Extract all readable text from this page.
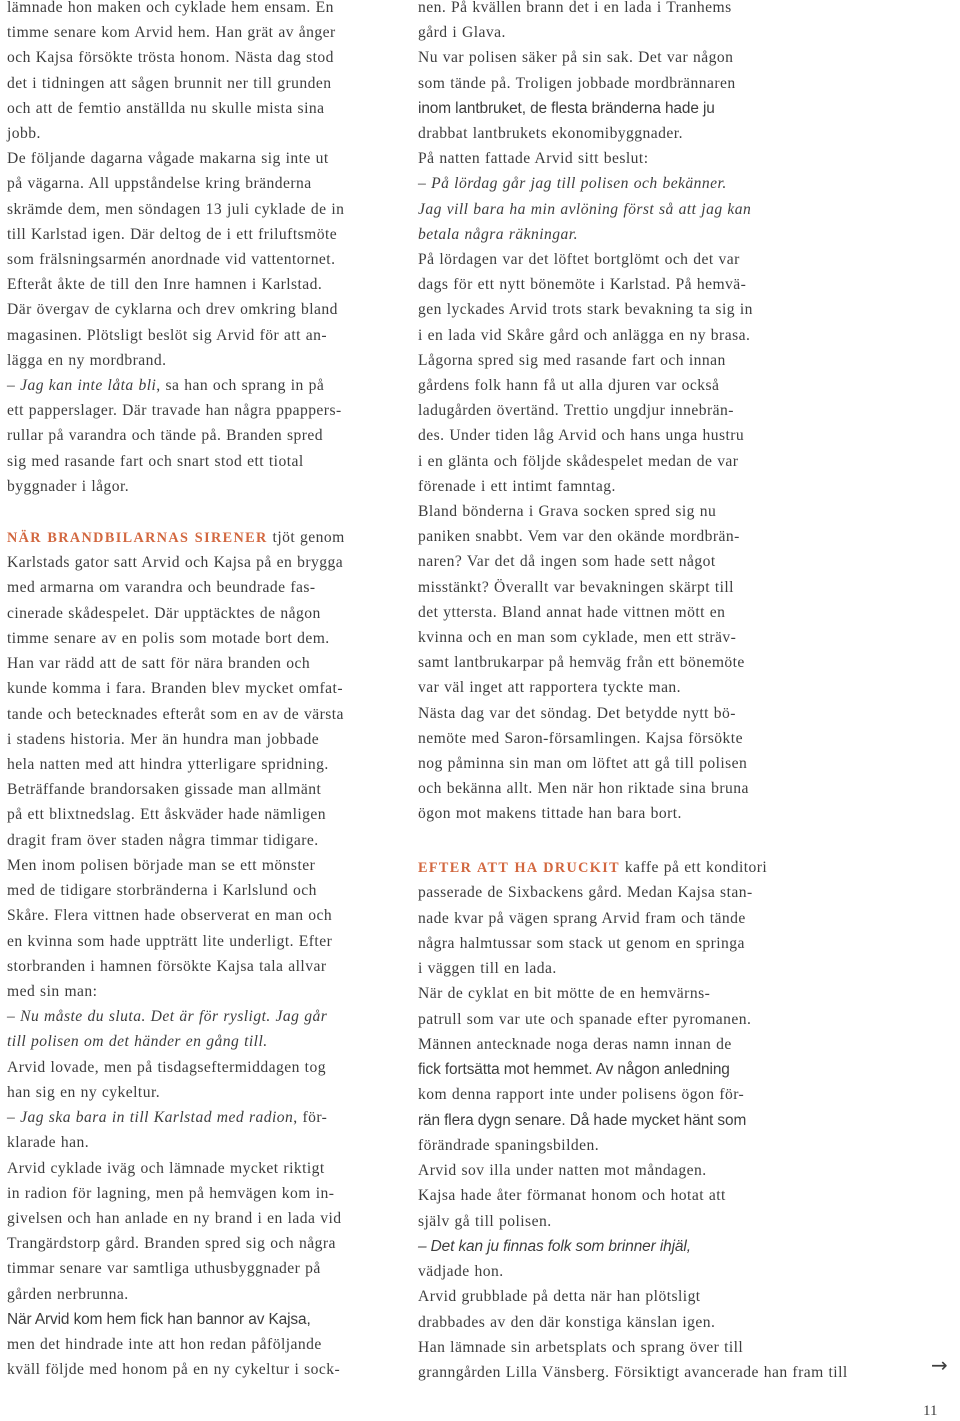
lämnade hon maken och cyklade hem ensam. En
timme senare kom Arvid hem. Han grät av ånger
och Kajsa försökte trösta honom. Nästa dag stod
det i tidningen att sågen brunnit ner till grunden
och att de femtio anställda nu skulle mista sina
jobb.
De följande dagarna vågade makarna sig inte ut
på vägarna. All uppståndelse kring bränderna
skrämde dem, men söndagen 13 juli cyklade de in
till Karlstad igen. Där deltog de i ett friluftsmöte
som frälsningsarmén anordnade vid vattentornet.
Efteråt åkte de till den Inre hamnen i Karlstad.
Där övergav de cyklarna och drev omkring bland
magasinen. Plötsligt beslöt sig Arvid för att an-
lägga en ny mordbrand.
– Jag kan inte låta bli, sa han och sprang in på
ett papperslager. Där travade han några ppappers-
rullar på varandra och tände på. Branden spred
sig med rasande fart och snart stod ett tiotal
byggnader i lågor.
NÄR BRANDBILARNAS SIRENER tjöt genom
Karlstads gator satt Arvid och Kajsa på en brygga
med armarna om varandra och beundrade fas-
cinerade skådespelet. Där upptäcktes de någon
timme senare av en polis som motade bort dem.
Han var rädd att de satt för nära branden och
kunde komma i fara. Branden blev mycket omfat-
tande och betecknades efteråt som en av de värsta
i stadens historia. Mer än hundra man jobbade
hela natten med att hindra ytterligare spridning.
Beträffande brandorsaken gissade man allmänt
på ett blixtnedslag. Ett åskväder hade nämligen
dragit fram över staden några timmar tidigare.
Men inom polisen började man se ett mönster
med de tidigare storbränderna i Karlslund och
Skåre. Flera vittnen hade observerat en man och
en kvinna som hade uppträtt lite underligt. Efter
storbranden i hamnen försökte Kajsa tala allvar
med sin man:
– Nu måste du sluta. Det är för rysligt. Jag går
till polisen om det händer en gång till.
Arvid lovade, men på tisdagseftermiddagen tog
han sig en ny cykeltur.
– Jag ska bara in till Karlstad med radion, för-
klarade han.
Arvid cyklade iväg och lämnade mycket riktigt
in radion för lagning, men på hemvägen kom in-
givelsen och han anlade en ny brand i en lada vid
Trangärdstorp gård. Branden spred sig och några
timmar senare var samtliga uthusbyggnader på
gården nerbrunna.
När Arvid kom hem fick han bannor av Kajsa,
men det hindrade inte att hon redan påföljande
kväll följde med honom på en ny cykeltur i sock-
nen. På kvällen brann det i en lada i Tranhems
gård i Glava.
Nu var polisen säker på sin sak. Det var någon
som tände på. Troligen jobbade mordbrännaren
inom lantbruket, de flesta bränderna hade ju
drabbat lantbrukets ekonomibyggnader.
På natten fattade Arvid sitt beslut:
– På lördag går jag till polisen och bekänner.
Jag vill bara ha min avlöning först så att jag kan
betala några räkningar.
På lördagen var det löftet bortglömt och det var
dags för ett nytt bönemöte i Karlstad. På hemvä-
gen lyckades Arvid trots stark bevakning ta sig in
i en lada vid Skåre gård och anlägga en ny brasa.
Lågorna spred sig med rasande fart och innan
gårdens folk hann få ut alla djuren var också
ladugården övertänd. Trettio ungdjur innebrän-
des. Under tiden låg Arvid och hans unga hustru
i en glänta och följde skådespelet medan de var
förenade i ett intimt famntag.
Bland bönderna i Grava socken spred sig nu
paniken snabbt. Vem var den okände mordbrän-
naren? Var det då ingen som hade sett något
misstänkt? Överallt var bevakningen skärpt till
det yttersta. Bland annat hade vittnen mött en
kvinna och en man som cyklade, men ett sträv-
samt lantbrukarpar på hemväg från ett bönemöte
var väl inget att rapportera tyckte man.
Nästa dag var det söndag. Det betydde nytt bö-
nemöte med Saron-församlingen. Kajsa försökte
nog påminna sin man om löftet att gå till polisen
och bekänna allt. Men när hon riktade sina bruna
ögon mot makens tittade han bara bort.
EFTER ATT HA DRUCKIT kaffe på ett konditori
passerade de Sixbackens gård. Medan Kajsa stan-
nade kvar på vägen sprang Arvid fram och tände
några halmtussar som stack ut genom en springa
i väggen till en lada.
När de cyklat en bit mötte de en hemvärns-
patrull som var ute och spanade efter pyromanen.
Männen antecknade noga deras namn innan de
fick fortsätta mot hemmet. Av någon anledning
kom denna rapport inte under polisens ögon för-
rän flera dygn senare. Då hade mycket hänt som
förändrade spaningsbilden.
Arvid sov illa under natten mot måndagen.
Kajsa hade åter förmanat honom och hotat att
själv gå till polisen.
– Det kan ju finnas folk som brinner ihjäl,
vädjade hon.
Arvid grubblade på detta när han plötsligt
drabbades av den där konstiga känslan igen.
Han lämnade sin arbetsplats och sprang över till
granngården Lilla Vänsberg. Försiktigt avancerade han fram till	→
11
